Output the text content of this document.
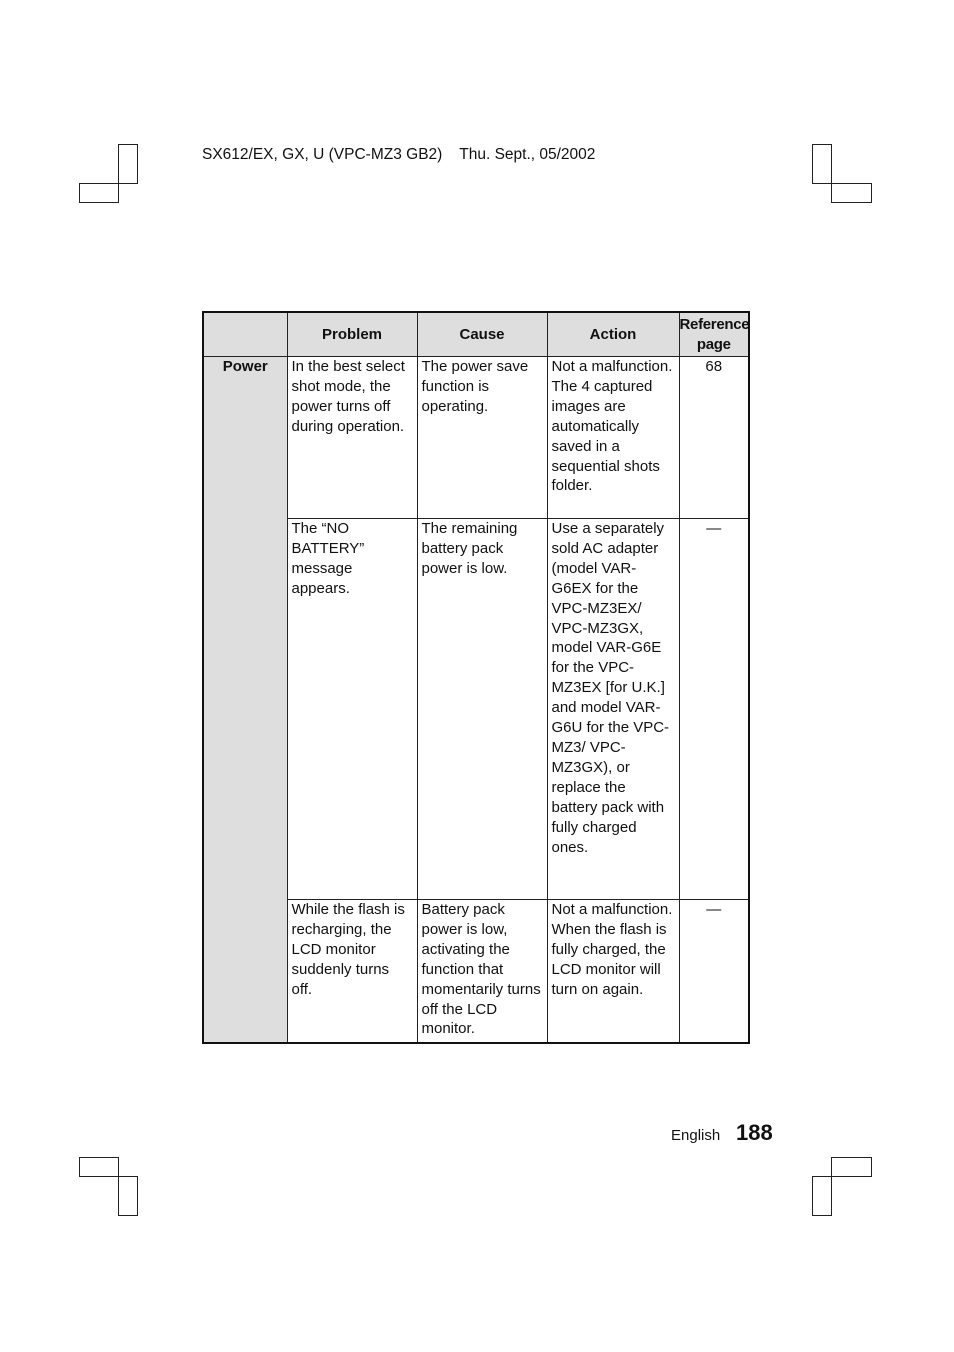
SX612/EX, GX, U (VPC-MZ3 GB2)    Thu. Sept., 05/2002
	Problem	Cause	Action	Reference
page

Power	In the best select shot mode, the power turns off during operation.	The power save function is operating.	Not a malfunction. The 4 captured images are automatically saved in a sequential shots folder.	68
	The “NO BATTERY” message appears.	The remaining battery pack power is low.	Use a separately sold AC adapter (model VAR-G6EX for the VPC-MZ3EX/ VPC-MZ3GX, model VAR-G6E for the VPC-MZ3EX [for U.K.] and model VAR-G6U for the VPC-MZ3/ VPC-MZ3GX), or replace the battery pack with fully charged ones.	—
	While the flash is recharging, the LCD monitor suddenly turns off.	Battery pack power is low, activating the function that momentarily turns off the LCD monitor.	Not a malfunction. When the flash is fully charged, the LCD monitor will turn on again.	—
English 188
